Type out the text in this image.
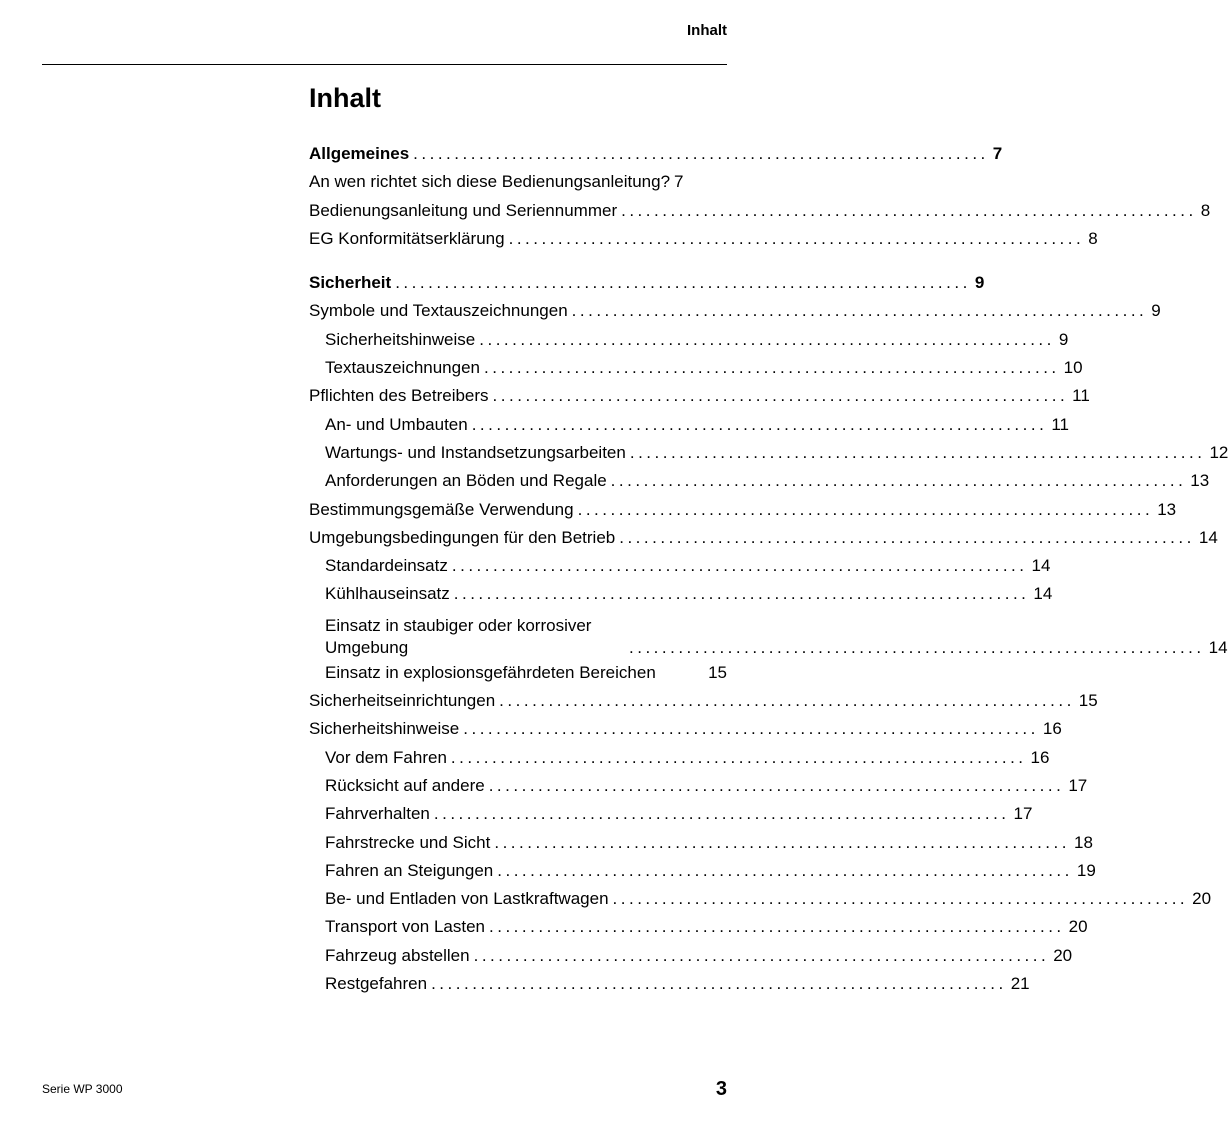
Inhalt
Inhalt
Allgemeines ...................................................................... 7
An wen richtet sich diese Bedienungsanleitung? 7
Bedienungsanleitung und Seriennummer ...................................................................... 8
EG Konformitätserklärung ...................................................................... 8
Sicherheit ...................................................................... 9
Symbole und Textauszeichnungen ...................................................................... 9
Sicherheitshinweise ...................................................................... 9
Textauszeichnungen ...................................................................... 10
Pflichten des Betreibers ...................................................................... 11
An- und Umbauten ...................................................................... 11
Wartungs- und Instandsetzungsarbeiten ...................................................................... 12
Anforderungen an Böden und Regale ...................................................................... 13
Bestimmungsgemäße Verwendung ...................................................................... 13
Umgebungsbedingungen für den Betrieb ...................................................................... 14
Standardeinsatz ...................................................................... 14
Kühlhauseinsatz ...................................................................... 14
Einsatz in staubiger oder korrosiver Umgebung	...................................................................... 14
Einsatz in explosionsgefährdeten Bereichen	15
Sicherheitseinrichtungen ...................................................................... 15
Sicherheitshinweise ...................................................................... 16
Vor dem Fahren ...................................................................... 16
Rücksicht auf andere ...................................................................... 17
Fahrverhalten ...................................................................... 17
Fahrstrecke und Sicht ...................................................................... 18
Fahren an Steigungen ...................................................................... 19
Be- und Entladen von Lastkraftwagen ...................................................................... 20
Transport von Lasten ...................................................................... 20
Fahrzeug abstellen ...................................................................... 20
Restgefahren ...................................................................... 21
Serie WP 3000	3
